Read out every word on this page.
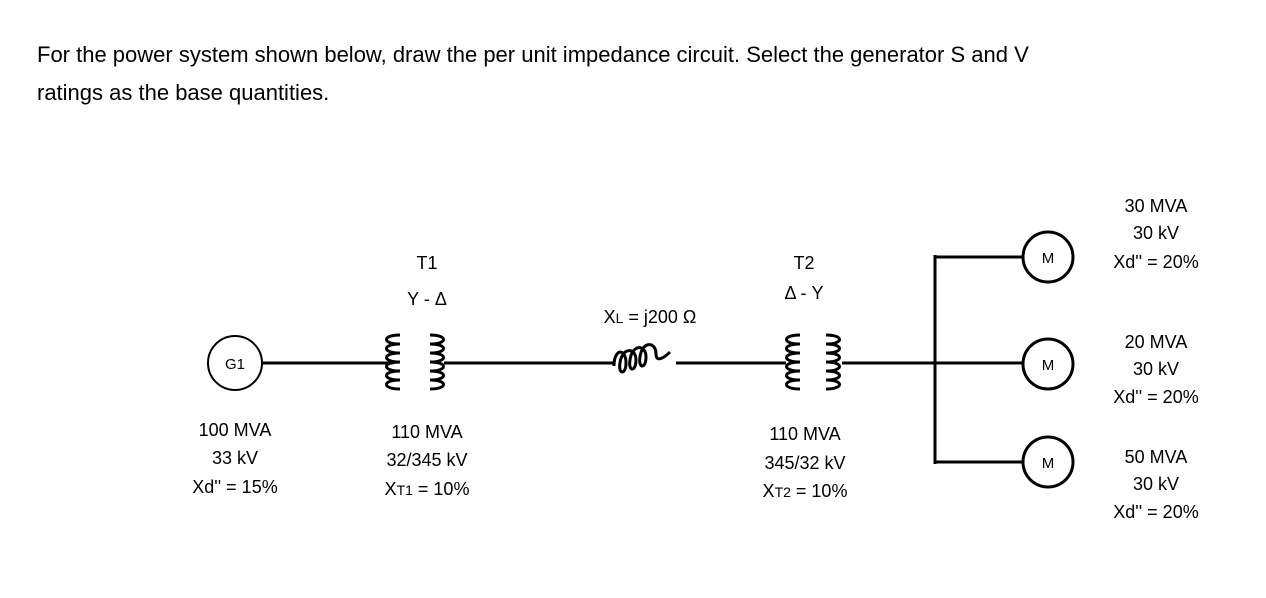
For the power system shown below, draw the per unit impedance circuit. Select the generator S and V
ratings as the base quantities.

G1
M
M
M
100 MVA
33 kV
Xd'' = 15%
T1
Y - Δ
110 MVA
32/345 kV
XT1 = 10%
XL = j200 Ω
T2
Δ - Y
110 MVA
345/32 kV
XT2 = 10%
30 MVA
30 kV
Xd'' = 20%
20 MVA
30 kV
Xd'' = 20%
50 MVA
30 kV
Xd'' = 20%
